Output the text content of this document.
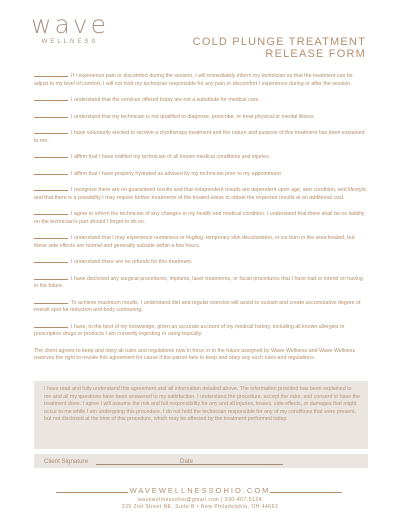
wave
WELLNESS	COLD PLUNGE TREATMENT
RELEASE FORM
If I experience pain or discomfort during the session, I will immediately inform my technician so that the treatment can be adjust to my level of comfort. I will not hold my technician responsible for any pain or discomfort I experience during or after the session.
I understand that the services offered today are not a substitute for medical care.
I understand that my technician is not qualified to diagnose, prescribe, or treat physical or mental illness.
I have voluntarily elected to receive a cryotherapy treatment and the nature and purpose of this treatment has been explained to me.
I affirm that I have notified my technician of all known medical conditions and injuries.
I affirm that I have properly hydrated as advised by my technician prior to my appointment
I recognize there are no guaranteed results and that independent results are dependent upon age, skin condition, and lifestyle, and that there is a possibility I may require further treatments of the treated areas to obtain the expected results at an additional cost.
I agree to inform the technician of any changes in my health and medical condition. I understand that there shall be no liability on the technician's part should I forget to do so.
I understand that I may experience numbness or tingling, temporary skin discoloration, or ice burn in the area treated, but these side effects are normal and generally subside within a few hours.
I understand there are no refunds for this treatment.
I have disclosed any surgical procedures, implants, laser treatments, or facial procedures that I have had or intend on having in the future.
To achieve maximum results, I understand diet and regular exercise will assist to sustain and create accumulative degree of overall spot fat reduction and body contouring.
I have, to the best of my knowledge, given an accurate account of my medical history, including all known allergies or prescription drugs or products I am currently ingesting or using topically.
The client agrees to keep and obey all rules and regulations now in force or in the future assigned by Wave Wellness and Wave Wellness reserves the right to revoke this agreement for cause if the patron fails to keep and obey any such rules and regulations.
I have read and fully understand this agreement and all information detailed above. The information provided has been explained to me and all my questions have been answered to my satisfaction. I understand the procedure, accept the risks, and consent to have the treatment done. I agree I will assume the risk and full responsibility for any and all injuries, losses, side effects, or damages that might occur to me while I am undergoing this procedure. I do not hold the technician responsible for any of my conditions that were present, but not disclosed at the time of this procedure, which may be affected by the treatment performed today.
Client Signature	Date
WAVEWELLNESSOHIO.COM
wavewellnessohio@gmail.com | 330-407-5124
235 2nd Street NE, Suite B • New Philadelphia, OH 44663
